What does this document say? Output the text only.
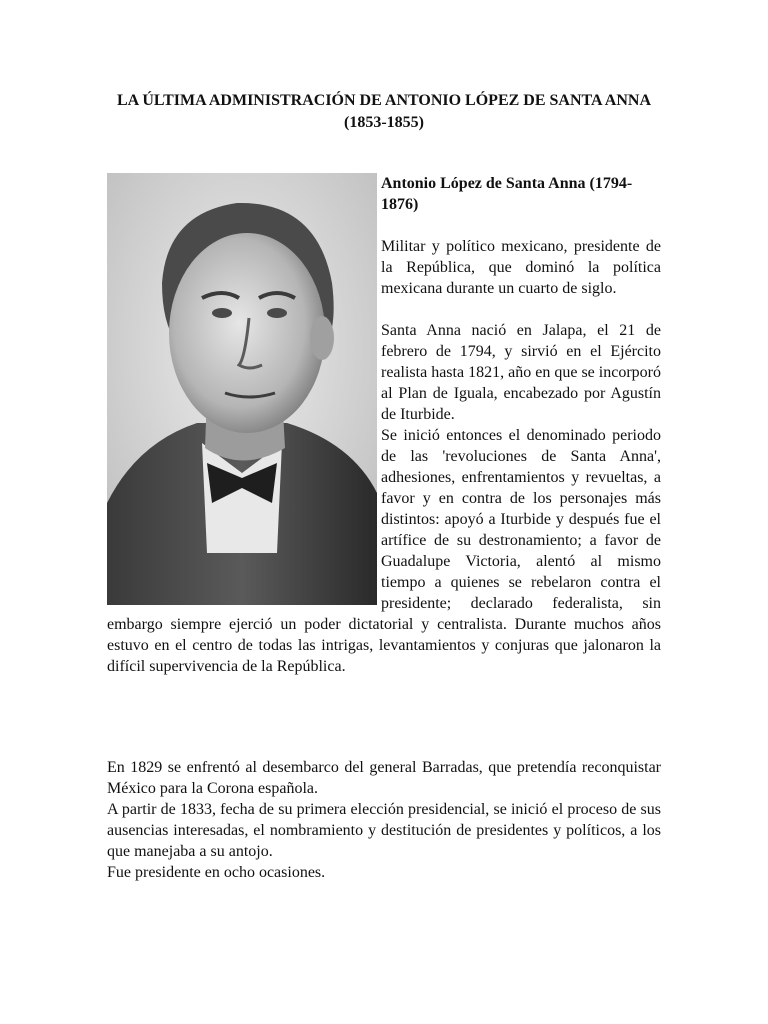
LA ÚLTIMA ADMINISTRACIÓN DE ANTONIO LÓPEZ DE SANTA ANNA (1853-1855)

Antonio López de Santa Anna (1794-1876)

Militar y político mexicano, presidente de la República, que dominó la política mexicana durante un cuarto de siglo.

Santa Anna nació en Jalapa, el 21 de febrero de 1794, y sirvió en el Ejército realista hasta 1821, año en que se incorporó al Plan de Iguala, encabezado por Agustín de Iturbide.

Se inició entonces el denominado periodo de las 'revoluciones de Santa Anna', adhesiones, enfrentamientos y revueltas, a favor y en contra de los personajes más distintos: apoyó a Iturbide y después fue el artífice de su destronamiento; a favor de Guadalupe Victoria, alentó al mismo tiempo a quienes se rebelaron contra el presidente; declarado federalista, sin embargo siempre ejerció un poder dictatorial y centralista. Durante muchos años estuvo en el centro de todas las intrigas, levantamientos y conjuras que jalonaron la difícil supervivencia de la República.

En 1829 se enfrentó al desembarco del general Barradas, que pretendía reconquistar México para la Corona española.

A partir de 1833, fecha de su primera elección presidencial, se inició el proceso de sus ausencias interesadas, el nombramiento y destitución de presidentes y políticos, a los que manejaba a su antojo.

Fue presidente en ocho ocasiones.
